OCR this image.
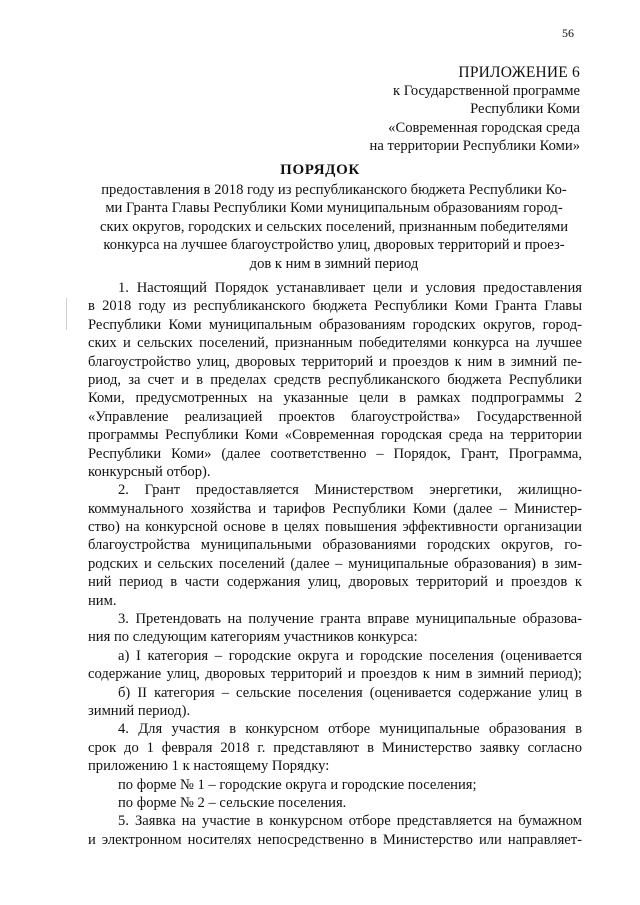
56
ПРИЛОЖЕНИЕ 6
к Государственной программе
Республики Коми
«Современная городская среда
на территории Республики Коми»
ПОРЯДОК
предоставления в 2018 году из республиканского бюджета Республики Ко-
ми Гранта Главы Республики Коми муниципальным образованиям город-
ских округов, городских и сельских поселений, признанным победителями
конкурса на лучшее благоустройство улиц, дворовых территорий и проез-
дов к ним в зимний период
1. Настоящий Порядок устанавливает цели и условия предоставления
в 2018 году из республиканского бюджета Республики Коми Гранта Главы
Республики Коми муниципальным образованиям городских округов, город-
ских и сельских поселений, признанным победителями конкурса на лучшее
благоустройство улиц, дворовых территорий и проездов к ним в зимний пе-
риод, за счет и в пределах средств республиканского бюджета Республики
Коми, предусмотренных на указанные цели в рамках подпрограммы 2
«Управление реализацией проектов благоустройства» Государственной
программы Республики Коми «Современная городская среда на территории
Республики Коми» (далее соответственно – Порядок, Грант, Программа,
конкурсный отбор).
2. Грант предоставляется Министерством энергетики, жилищно-
коммунального хозяйства и тарифов Республики Коми (далее – Министер-
ство) на конкурсной основе в целях повышения эффективности организации
благоустройства муниципальными образованиями городских округов, го-
родских и сельских поселений (далее – муниципальные образования) в зим-
ний период в части содержания улиц, дворовых территорий и проездов к
ним.
3. Претендовать на получение гранта вправе муниципальные образова-
ния по следующим категориям участников конкурса:
а) I категория – городские округа и городские поселения (оценивается
содержание улиц, дворовых территорий и проездов к ним в зимний период);
б) II категория – сельские поселения (оценивается содержание улиц в
зимний период).
4. Для участия в конкурсном отборе муниципальные образования в
срок до 1 февраля 2018 г. представляют в Министерство заявку согласно
приложению 1 к настоящему Порядку:
по форме № 1 – городские округа и городские поселения;
по форме № 2 – сельские поселения.
5. Заявка на участие в конкурсном отборе представляется на бумажном
и электронном носителях непосредственно в Министерство или направляет-
